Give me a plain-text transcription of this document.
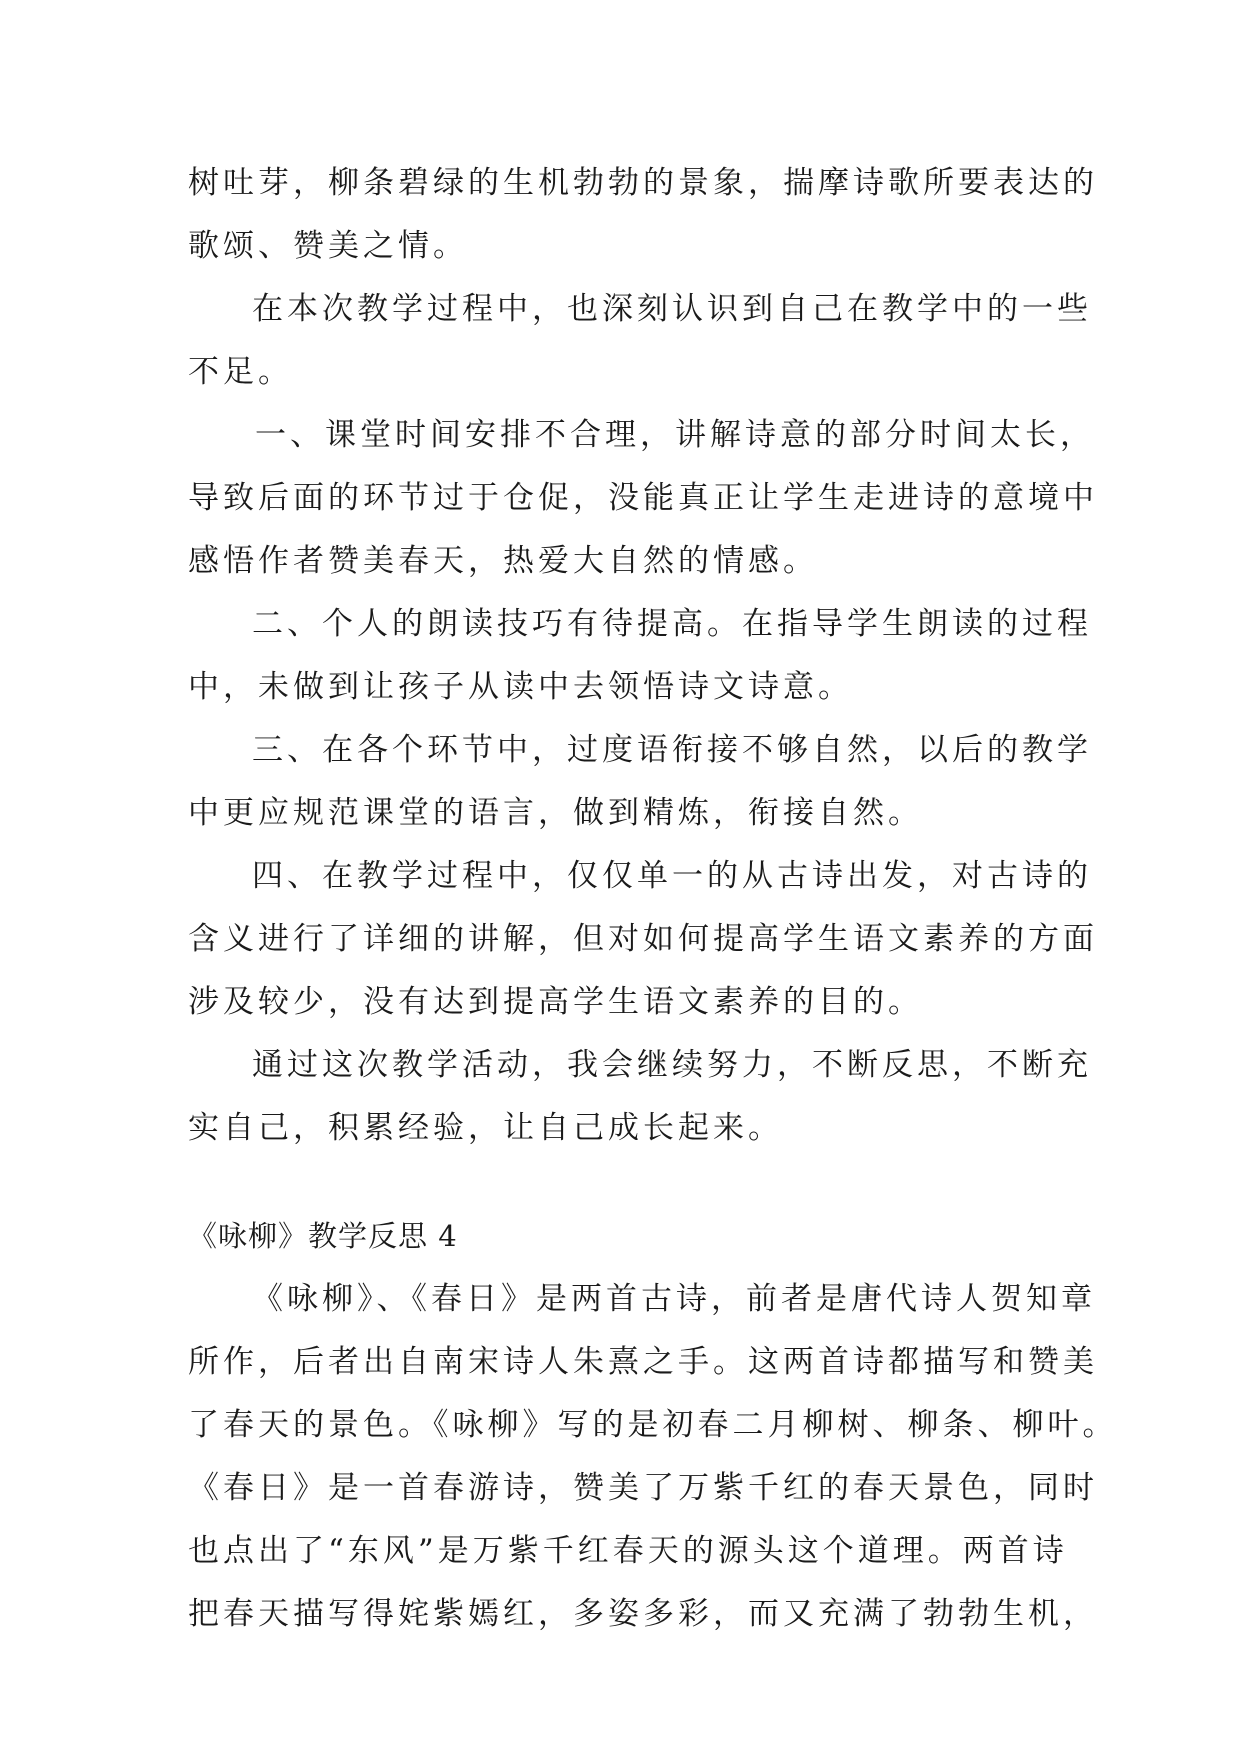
树吐芽，柳条碧绿的生机勃勃的景象，揣摩诗歌所要表达的
歌颂、赞美之情。
在本次教学过程中，也深刻认识到自己在教学中的一些
不足。
一、课堂时间安排不合理，讲解诗意的部分时间太长，
导致后面的环节过于仓促，没能真正让学生走进诗的意境中
感悟作者赞美春天，热爱大自然的情感。
二、个人的朗读技巧有待提高。在指导学生朗读的过程
中，未做到让孩子从读中去领悟诗文诗意。
三、在各个环节中，过度语衔接不够自然，以后的教学
中更应规范课堂的语言，做到精炼，衔接自然。
四、在教学过程中，仅仅单一的从古诗出发，对古诗的
含义进行了详细的讲解，但对如何提高学生语文素养的方面
涉及较少，没有达到提高学生语文素养的目的。
通过这次教学活动，我会继续努力，不断反思，不断充
实自己，积累经验，让自己成长起来。
《咏柳》教学反思 4
《咏柳》、《春日》是两首古诗，前者是唐代诗人贺知章
所作，后者出自南宋诗人朱熹之手。这两首诗都描写和赞美
了春天的景色。《咏柳》写的是初春二月柳树、柳条、柳叶。
《春日》是一首春游诗，赞美了万紫千红的春天景色，同时
也点出了“东风”是万紫千红春天的源头这个道理。两首诗
把春天描写得姹紫嫣红，多姿多彩，而又充满了勃勃生机，
